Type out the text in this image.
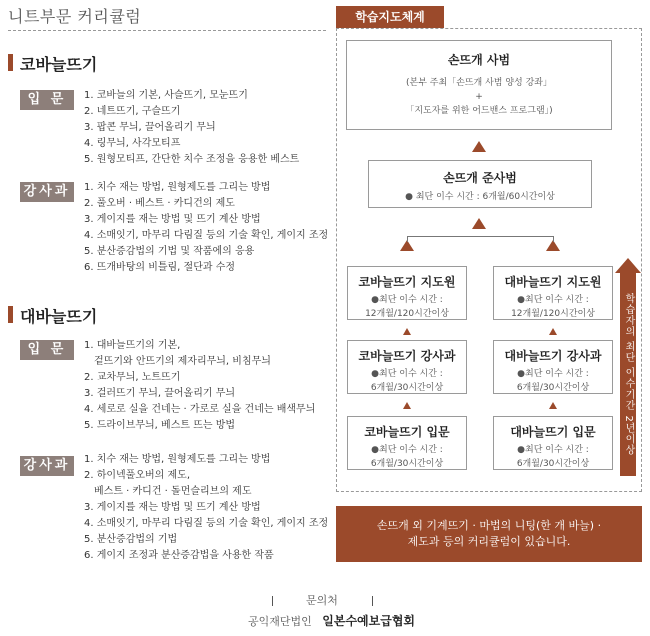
니트부문 커리큘럼
코바늘뜨기
입 문	1. 코바늘의 기본, 사슬뜨기, 모눈뜨기
2. 네트뜨기, 구슬뜨기
3. 팝콘 무늬, 끌어올리기 무늬
4. 링무늬, 사각모티프
5. 원형모티프, 간단한 치수 조정을 응용한 베스트
강사과	1. 치수 재는 방법, 원형제도를 그리는 방법
2. 풀오버 · 베스트 · 카디건의 제도
3. 게이지를 재는 방법 및 뜨기 계산 방법
4. 소매잇기, 마무리 다림질 등의 기술 확인, 게이지 조정
5. 분산증감법의 기법 및 작품에의 응용
6. 뜨개바탕의 비틀림, 절단과 수정
대바늘뜨기
입 문	1. 대바늘뜨기의 기본,
겉뜨기와 안뜨기의 제자리무늬, 비침무늬
2. 교차무늬, 노트뜨기
3. 걸러뜨기 무늬, 끌어올리기 무늬
4. 세로로 실을 건네는 · 가로로 실을 건네는 배색무늬
5. 드라이브무늬, 베스트 뜨는 방법
강사과	1. 치수 재는 방법, 원형제도를 그리는 방법
2. 하이넥풀오버의 제도,
베스트 · 카디건 · 돌먼슬리브의 제도
3. 게이지를 재는 방법 및 뜨기 계산 방법
4. 소매잇기, 마무리 다림질 등의 기술 확인, 게이지 조정
5. 분산증감법의 기법
6. 게이지 조정과 분산증감법을 사용한 작품
학습지도체계
손뜨개 사범
(본부 주최「손뜨개 사범 양성 강좌」
+
「지도자를 위한 어드밴스 프로그램」)
손뜨개 준사범
● 최단 이수 시간 : 6개월/60시간이상
코바늘뜨기 지도원
●최단 이수 시간 :
12개월/120시간이상
대바늘뜨기 지도원
●최단 이수 시간 :
12개월/120시간이상
코바늘뜨기 강사과
●최단 이수 시간 :
6개월/30시간이상
대바늘뜨기 강사과
●최단 이수 시간 :
6개월/30시간이상
코바늘뜨기 입문
●최단 이수 시간 :
6개월/30시간이상
대바늘뜨기 입문
●최단 이수 시간 :
6개월/30시간이상
학습자의 최단 이수기간 2년이상
손뜨개 외 기계뜨기 · 마법의 니팅(한 개 바늘) ·
제도과 등의 커리큘럼이 있습니다.
문의처
공익재단법인 일본수예보급협회
